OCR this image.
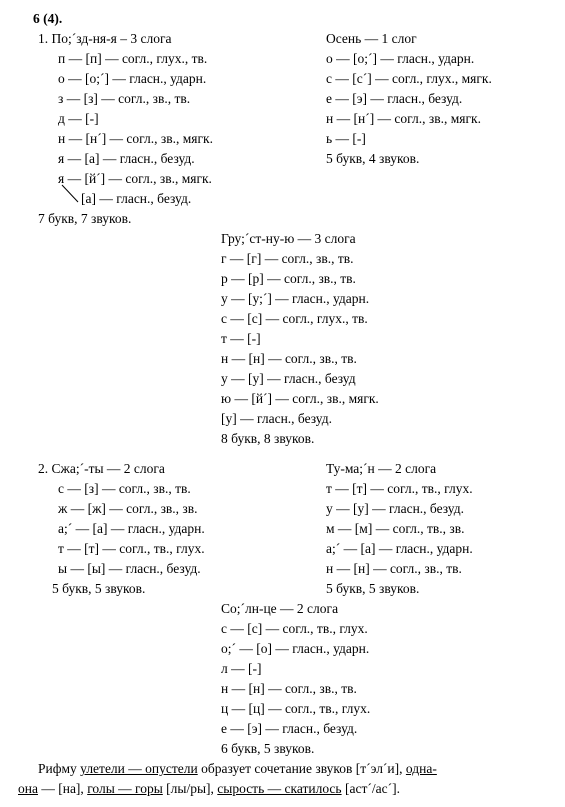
6 (4).
1. По;´зд-ня-я – 3 слога
п — [п] — согл., глух., тв.
о — [о;´] — гласн., ударн.
з — [з] — согл., зв., тв.
д — [-]
н — [н´] — согл., зв., мягк.
я — [а] — гласн., безуд.
я — [й´] — согл., зв., мягк.
[а] — гласн., безуд.
7 букв, 7 звуков.
Осень — 1 слог
о — [о;´] — гласн., ударн.
с — [с´] — согл., глух., мягк.
е — [э] — гласн., безуд.
н — [н´] — согл., зв., мягк.
ь — [-]
5 букв, 4 звуков.
Гру;´ст-ну-ю — 3 слога
г — [г] — согл., зв., тв.
р — [р] — согл., зв., тв.
у — [у;´] — гласн., ударн.
с — [с] — согл., глух., тв.
т — [-]
н — [н] — согл., зв., тв.
у — [у] — гласн., безуд
ю — [й´] — согл., зв., мягк.
[у] — гласн., безуд.
8 букв, 8 звуков.
2. Сжа;´-ты — 2 слога
с — [з] — согл., зв., тв.
ж — [ж] — согл., зв., зв.
а;´ — [а] — гласн., ударн.
т — [т] — согл., тв., глух.
ы — [ы] — гласн., безуд.
5 букв, 5 звуков.
Ту-ма;´н — 2 слога
т — [т] — согл., тв., глух.
у — [у] — гласн., безуд.
м — [м] — согл., тв., зв.
а;´ — [а] — гласн., ударн.
н — [н] — согл., зв., тв.
5 букв, 5 звуков.
Со;´лн-це — 2 слога
с — [с] — согл., тв., глух.
о;´ — [о] — гласн., ударн.
л — [-]
н — [н] — согл., зв., тв.
ц — [ц] — согл., тв., глух.
е — [э] — гласн., безуд.
6 букв, 5 звуков.
Рифму улетели — опустели образует сочетание звуков [т´эл´и], одна-
она — [на], голы — горы [лы/ры], сырость — скатилось [аст´/ас´].
